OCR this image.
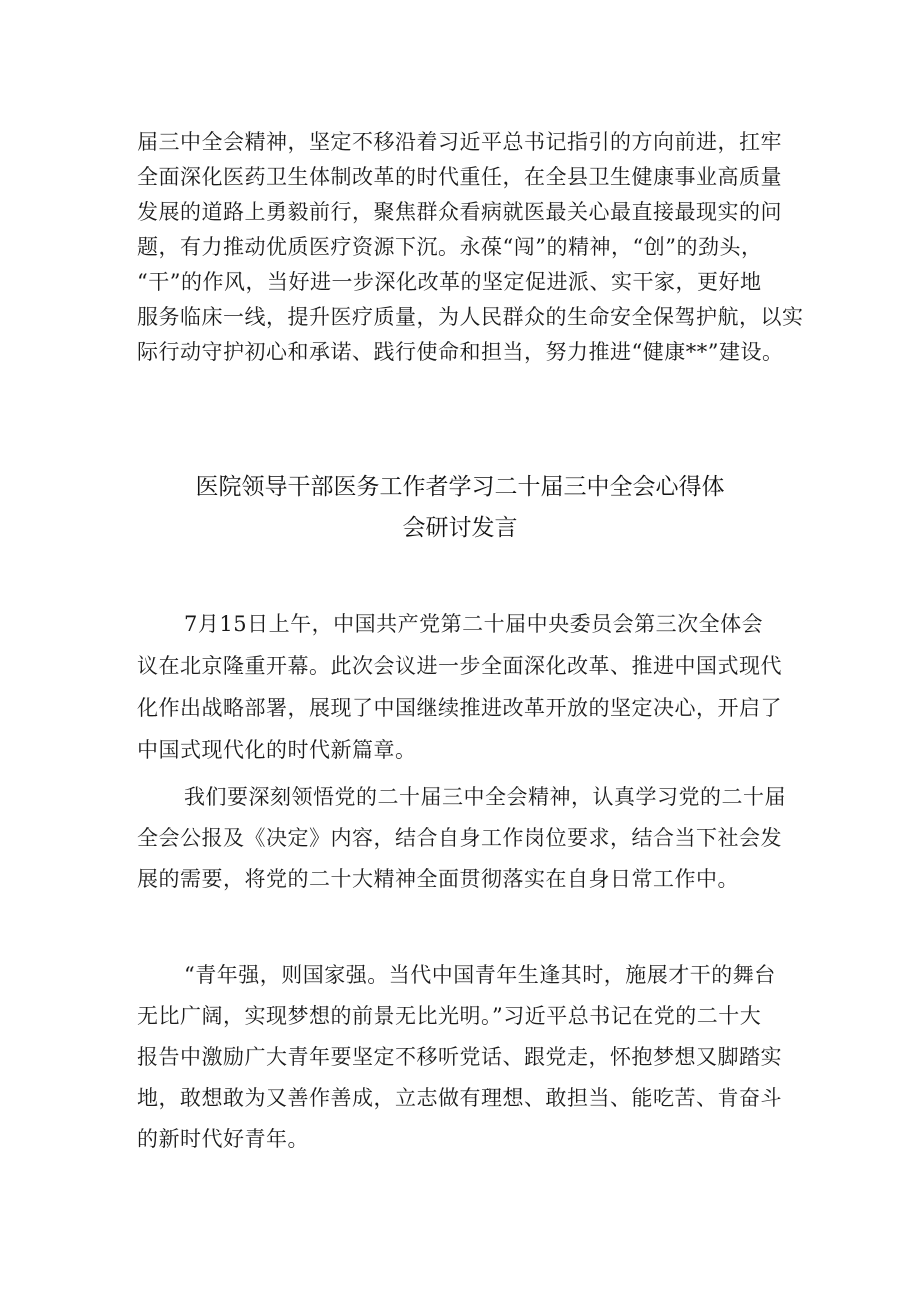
届三中全会精神，坚定不移沿着习近平总书记指引的方向前进，扛牢
全面深化医药卫生体制改革的时代重任，在全县卫生健康事业高质量
发展的道路上勇毅前行，聚焦群众看病就医最关心最直接最现实的问
题，有力推动优质医疗资源下沉。永葆“闯”的精神，“创”的劲头，
“干”的作风，当好进一步深化改革的坚定促进派、实干家，更好地
服务临床一线，提升医疗质量，为人民群众的生命安全保驾护航，以实
际行动守护初心和承诺、践行使命和担当，努力推进“健康**”建设。
医院领导干部医务工作者学习二十届三中全会心得体
会研讨发言
7月15日上午，中国共产党第二十届中央委员会第三次全体会
议在北京隆重开幕。此次会议进一步全面深化改革、推进中国式现代
化作出战略部署，展现了中国继续推进改革开放的坚定决心，开启了
中国式现代化的时代新篇章。
我们要深刻领悟党的二十届三中全会精神，认真学习党的二十届
全会公报及《决定》内容，结合自身工作岗位要求，结合当下社会发
展的需要，将党的二十大精神全面贯彻落实在自身日常工作中。
“青年强，则国家强。当代中国青年生逢其时，施展才干的舞台
无比广阔，实现梦想的前景无比光明。”习近平总书记在党的二十大
报告中激励广大青年要坚定不移听党话、跟党走，怀抱梦想又脚踏实
地，敢想敢为又善作善成，立志做有理想、敢担当、能吃苦、肯奋斗
的新时代好青年。
